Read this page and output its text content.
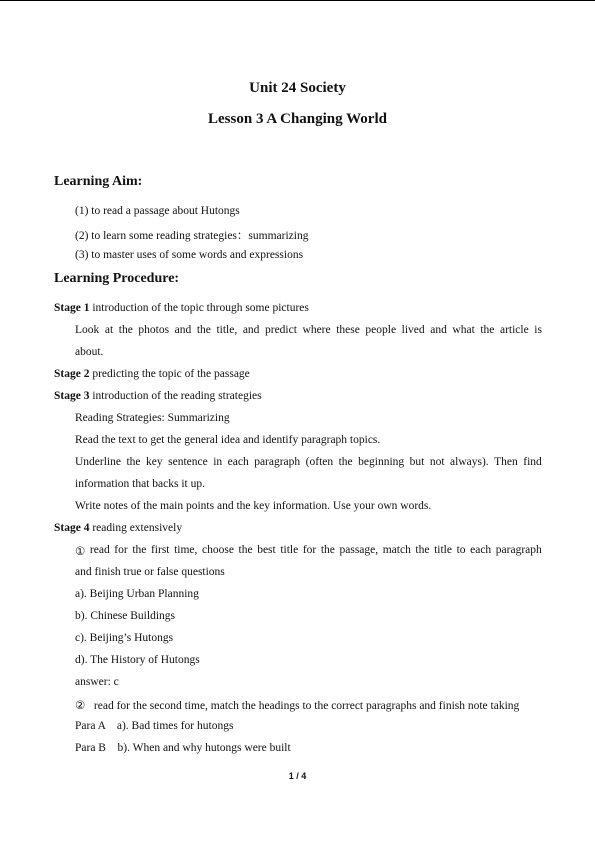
Unit 24 Society
Lesson 3 A Changing World
Learning Aim:
(1) to read a passage about Hutongs
(2) to learn some reading strategies：summarizing
(3) to master uses of some words and expressions
Learning Procedure:
Stage 1 introduction of the topic through some pictures
Look at the photos and the title, and predict where these people lived and what the article is
about.
Stage 2 predicting the topic of the passage
Stage 3 introduction of the reading strategies
Reading Strategies: Summarizing
Read the text to get the general idea and identify paragraph topics.
Underline the key sentence in each paragraph (often the beginning but not always). Then find
information that backs it up.
Write notes of the main points and the key information. Use your own words.
Stage 4 reading extensively
① read for the first time, choose the best title for the passage, match the title to each paragraph
and finish true or false questions
a). Beijing Urban Planning
b). Chinese Buildings
c). Beijing’s Hutongs
d). The History of Hutongs
answer: c
②   read for the second time, match the headings to the correct paragraphs and finish note taking
Para A a). Bad times for hutongs
Para B b). When and why hutongs were built
1 / 4
